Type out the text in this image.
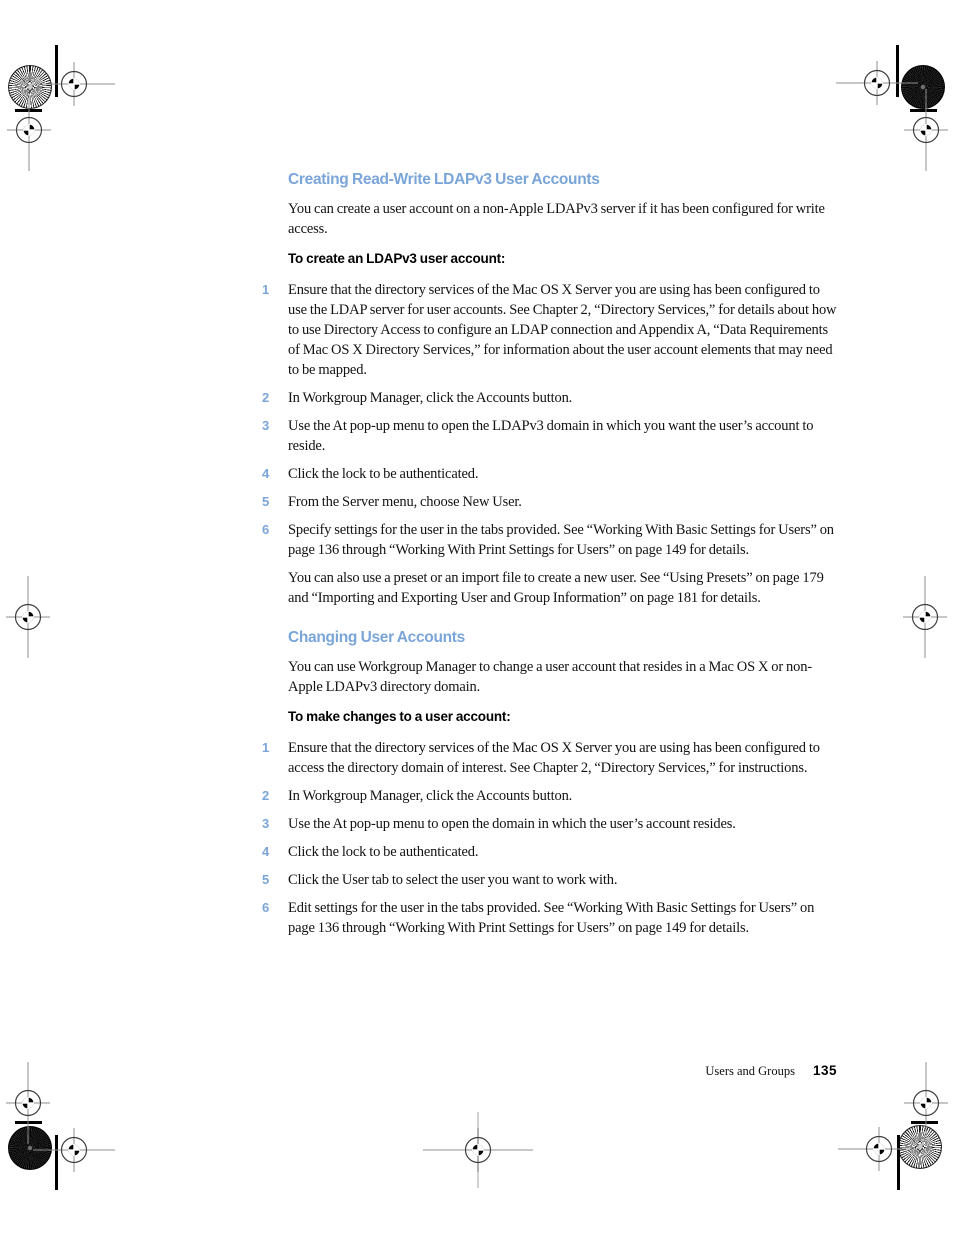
Creating Read-Write LDAPv3 User Accounts

You can create a user account on a non-Apple LDAPv3 server if it has been configured for write access.

To create an LDAPv3 user account:
1	Ensure that the directory services of the Mac OS X Server you are using has been configured to use the LDAP server for user accounts. See Chapter 2, “Directory Services,” for details about how to use Directory Access to configure an LDAP connection and Appendix A, “Data Requirements of Mac OS X Directory Services,” for information about the user account elements that may need to be mapped.
2	In Workgroup Manager, click the Accounts button.
3	Use the At pop-up menu to open the LDAPv3 domain in which you want the user’s account to reside.
4	Click the lock to be authenticated.
5	From the Server menu, choose New User.
6	Specify settings for the user in the tabs provided. See “Working With Basic Settings for Users” on page 136 through “Working With Print Settings for Users” on page 149 for details.

You can also use a preset or an import file to create a new user. See “Using Presets” on page 179 and “Importing and Exporting User and Group Information” on page 181 for details.

Changing User Accounts

You can use Workgroup Manager to change a user account that resides in a Mac OS X or non-Apple LDAPv3 directory domain.

To make changes to a user account:
1	Ensure that the directory services of the Mac OS X Server you are using has been configured to access the directory domain of interest. See Chapter 2, “Directory Services,” for instructions.
2	In Workgroup Manager, click the Accounts button.
3	Use the At pop-up menu to open the domain in which the user’s account resides.
4	Click the lock to be authenticated.
5	Click the User tab to select the user you want to work with.
6	Edit settings for the user in the tabs provided. See “Working With Basic Settings for Users” on page 136 through “Working With Print Settings for Users” on page 149 for details.
Users and Groups 135
